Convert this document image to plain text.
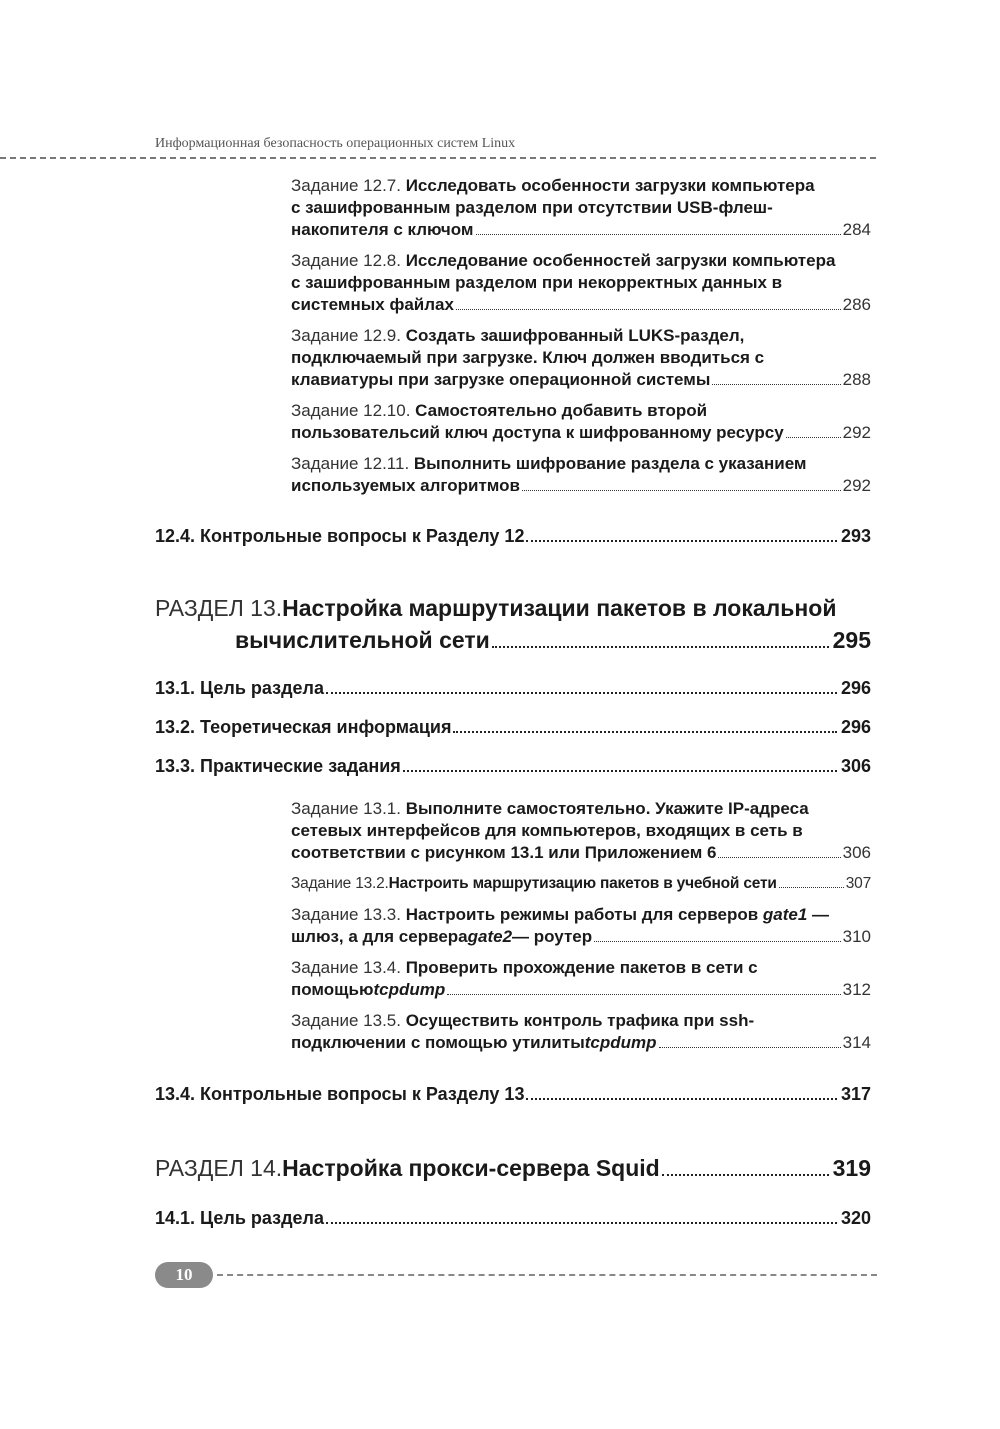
Информационная безопасность операционных систем Linux
Задание 12.7. Исследовать особенности загрузки компьютера
с зашифрованным разделом при отсутствии USB-флеш-
накопителя с ключом	284
Задание 12.8. Исследование особенностей загрузки компьютера
с зашифрованным разделом при некорректных данных в
системных файлах	286
Задание 12.9. Создать зашифрованный LUKS-раздел,
подключаемый при загрузке. Ключ должен вводиться с
клавиатуры при загрузке операционной системы	288
Задание 12.10. Самостоятельно добавить второй
пользовательсий ключ доступа к шифрованному ресурсу	292
Задание 12.11. Выполнить шифрование раздела с указанием
используемых алгоритмов	292
12.4. Контрольные вопросы к Разделу 12	293
РАЗДЕЛ 13. Настройка маршрутизации пакетов в локальной
вычислительной сети	295
13.1. Цель раздела	296
13.2. Теоретическая информация	296
13.3. Практические задания	306
Задание 13.1. Выполните самостоятельно. Укажите IP-адреса
сетевых интерфейсов для компьютеров, входящих в сеть в
соответствии с рисунком 13.1 или Приложением 6	306
Задание 13.2. Настроить маршрутизацию пакетов в учебной сети	307
Задание 13.3. Настроить режимы работы для серверов gate1 —
шлюз, а для сервера gate2 — роутер	310
Задание 13.4. Проверить прохождение пакетов в сети с
помощью tcpdump	312
Задание 13.5. Осуществить контроль трафика при ssh-
подключении с помощью утилиты tcpdump	314
13.4. Контрольные вопросы к Разделу 13	317
РАЗДЕЛ 14. Настройка прокси-сервера Squid	319
14.1. Цель раздела	320
10
